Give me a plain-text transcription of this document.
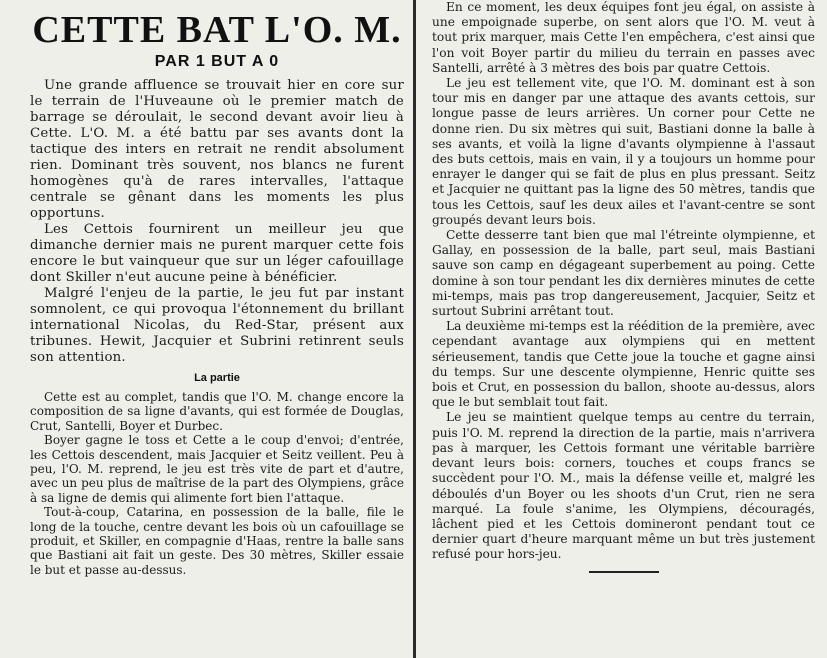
CETTE BAT L'O. M.
PAR 1 BUT A 0

Une grande affluence se trouvait hier en core sur le terrain de l'Huveaune où le premier match de barrage se déroulait, le second devant avoir lieu à Cette. L'O. M. a été battu par ses avants dont la tactique des inters en retrait ne rendit absolument rien. Dominant très souvent, nos blancs ne furent homogènes qu'à de rares intervalles, l'attaque centrale se gênant dans les moments les plus opportuns.

Les Cettois fournirent un meilleur jeu que dimanche dernier mais ne purent marquer cette fois encore le but vainqueur que sur un léger cafouillage dont Skiller n'eut aucune peine à bénéficier.

Malgré l'enjeu de la partie, le jeu fut par instant somnolent, ce qui provoqua l'étonnement du brillant international Nicolas, du Red-Star, présent aux tribunes. Hewit, Jacquier et Subrini retinrent seuls son attention.

La partie

Cette est au complet, tandis que l'O. M. change encore la composition de sa ligne d'avants, qui est formée de Douglas, Crut, Santelli, Boyer et Durbec.

Boyer gagne le toss et Cette a le coup d'envoi; d'entrée, les Cettois descendent, mais Jacquier et Seitz veillent. Peu à peu, l'O. M. reprend, le jeu est très vite de part et d'autre, avec un peu plus de maîtrise de la part des Olympiens, grâce à sa ligne de demis qui alimente fort bien l'attaque.

Tout-à-coup, Catarina, en possession de la balle, file le long de la touche, centre devant les bois où un cafouillage se produit, et Skiller, en compagnie d'Haas, rentre la balle sans que Bastiani ait fait un geste. Des 30 mètres, Skiller essaie le but et passe au-dessus.

En ce moment, les deux équipes font jeu égal, on assiste à une empoignade superbe, on sent alors que l'O. M. veut à tout prix marquer, mais Cette l'en empêchera, c'est ainsi que l'on voit Boyer partir du milieu du terrain en passes avec Santelli, arrêté à 3 mètres des bois par quatre Cettois.

Le jeu est tellement vite, que l'O. M. dominant est à son tour mis en danger par une attaque des avants cettois, sur longue passe de leurs arrières. Un corner pour Cette ne donne rien. Du six mètres qui suit, Bastiani donne la balle à ses avants, et voilà la ligne d'avants olympienne à l'assaut des buts cettois, mais en vain, il y a toujours un homme pour enrayer le danger qui se fait de plus en plus pressant. Seitz et Jacquier ne quittant pas la ligne des 50 mètres, tandis que tous les Cettois, sauf les deux ailes et l'avant-centre se sont groupés devant leurs bois.

Cette desserre tant bien que mal l'étreinte olympienne, et Gallay, en possession de la balle, part seul, mais Bastiani sauve son camp en dégageant superbement au poing. Cette domine à son tour pendant les dix dernières minutes de cette mi-temps, mais pas trop dangereusement, Jacquier, Seitz et surtout Subrini arrêtant tout.

La deuxième mi-temps est la réédition de la première, avec cependant avantage aux olympiens qui en mettent sérieusement, tandis que Cette joue la touche et gagne ainsi du temps. Sur une descente olympienne, Henric quitte ses bois et Crut, en possession du ballon, shoote au-dessus, alors que le but semblait tout fait.

Le jeu se maintient quelque temps au centre du terrain, puis l'O. M. reprend la direction de la partie, mais n'arrivera pas à marquer, les Cettois formant une véritable barrière devant leurs bois: corners, touches et coups francs se succèdent pour l'O. M., mais la défense veille et, malgré les déboulés d'un Boyer ou les shoots d'un Crut, rien ne sera marqué. La foule s'anime, les Olympiens, découragés, lâchent pied et les Cettois domineront pendant tout ce dernier quart d'heure marquant même un but très justement refusé pour hors-jeu.
